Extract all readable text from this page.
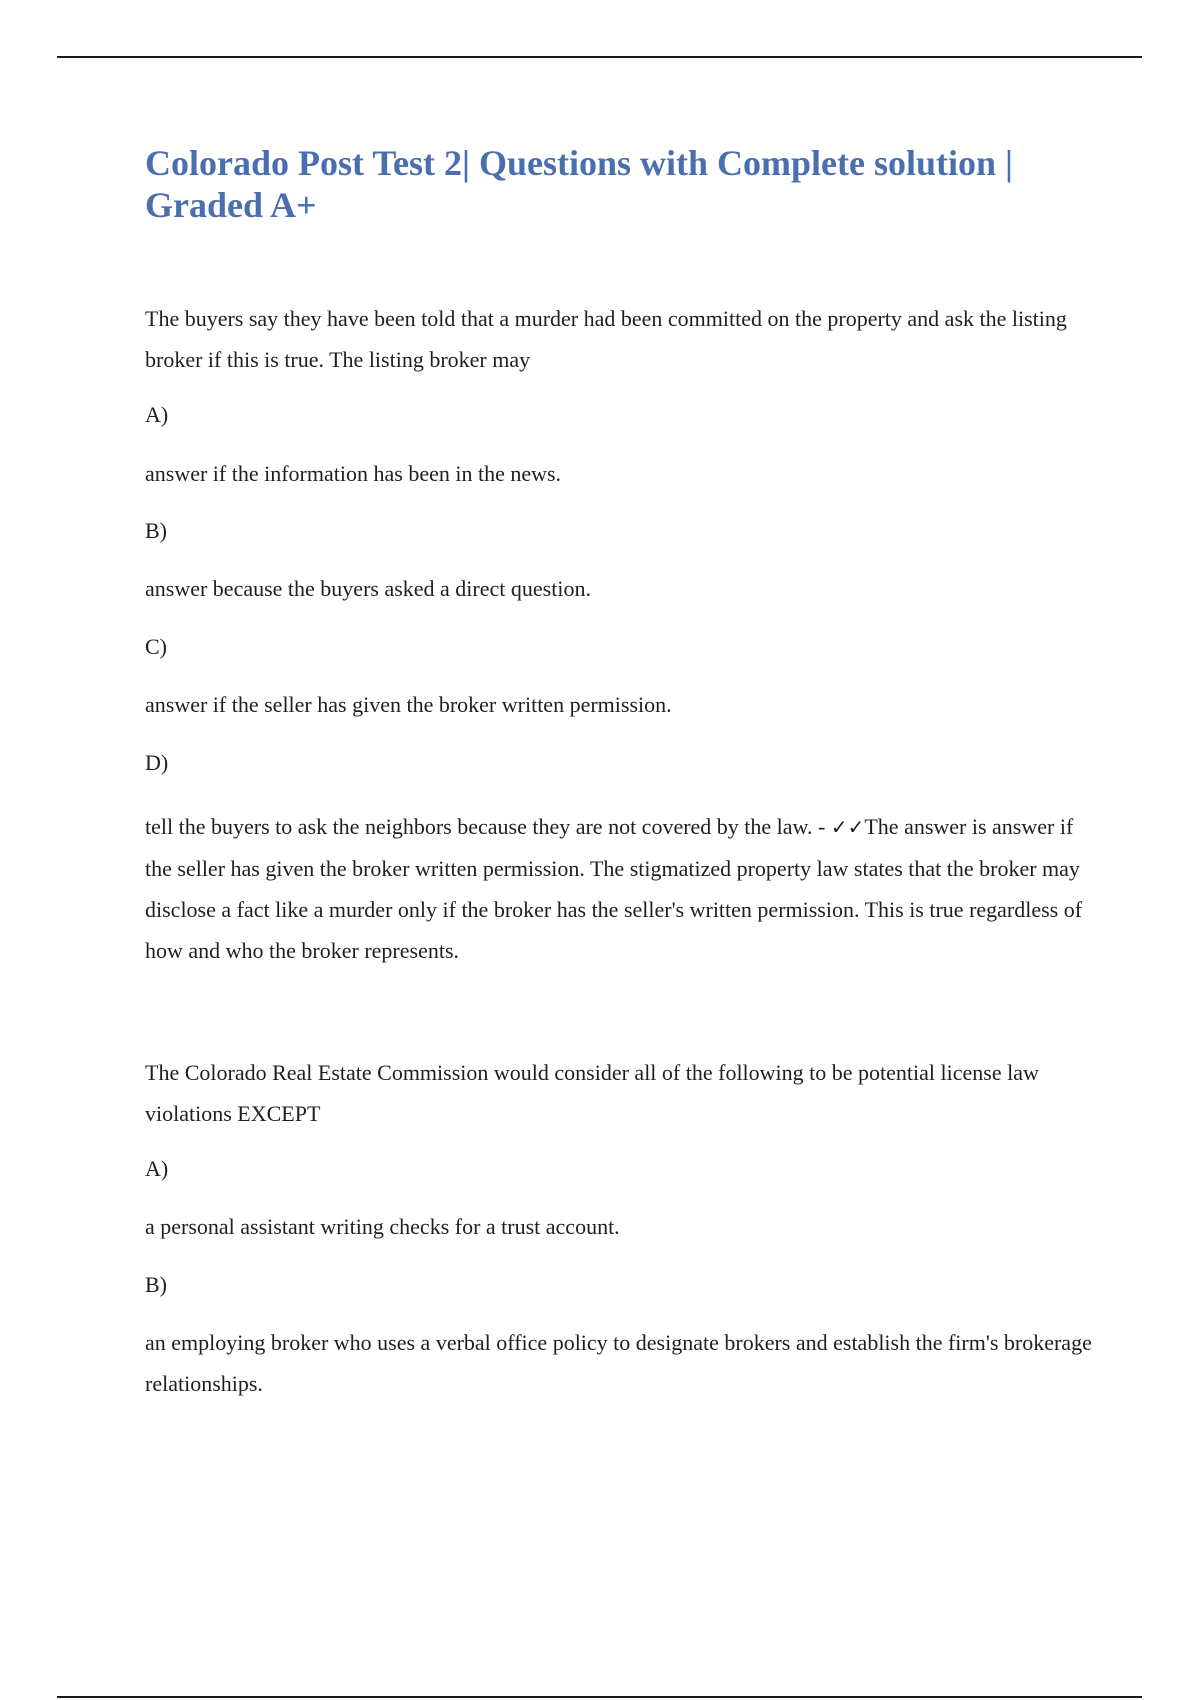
Colorado Post Test 2| Questions with Complete solution | Graded A+

The buyers say they have been told that a murder had been committed on the property and ask the listing broker if this is true. The listing broker may

A)

answer if the information has been in the news.

B)

answer because the buyers asked a direct question.

C)

answer if the seller has given the broker written permission.

D)

tell the buyers to ask the neighbors because they are not covered by the law. - ✓✓The answer is answer if the seller has given the broker written permission. The stigmatized property law states that the broker may disclose a fact like a murder only if the broker has the seller's written permission. This is true regardless of how and who the broker represents.

The Colorado Real Estate Commission would consider all of the following to be potential license law violations EXCEPT

A)

a personal assistant writing checks for a trust account.

B)

an employing broker who uses a verbal office policy to designate brokers and establish the firm's brokerage relationships.
